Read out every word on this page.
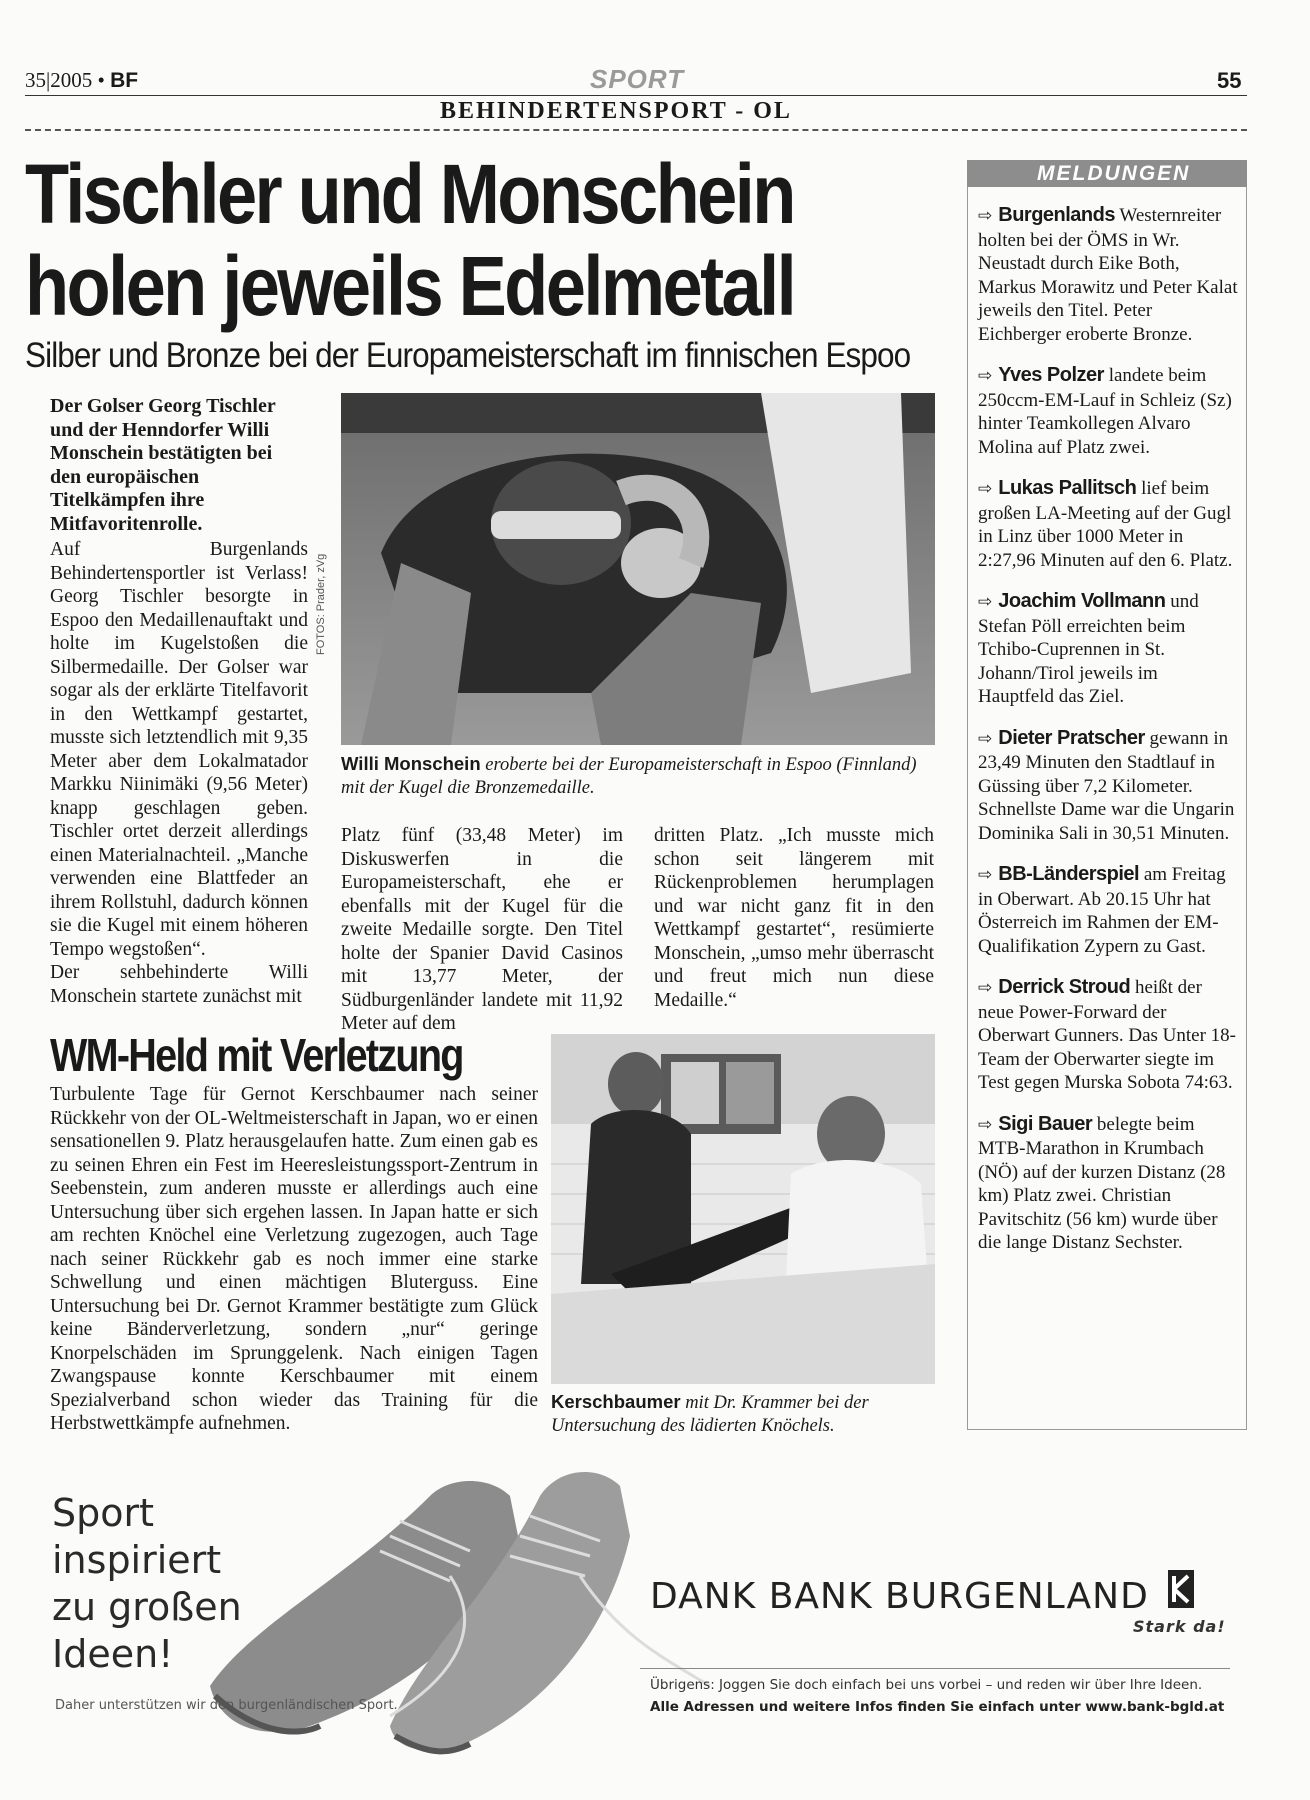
35|2005 • BF	SPORT	55
BEHINDERTENSPORT - OL
Tischler und Monschein
holen jeweils Edelmetall
Silber und Bronze bei der Europameisterschaft im finnischen Espoo
Der Golser Georg Tischler und der Henndorfer Willi Monschein bestätigten bei den europäischen Titelkämpfen ihre Mitfavoritenrolle.

Auf Burgenlands Behindertensportler ist Verlass! Georg Tischler besorgte in Espoo den Medaillenauftakt und holte im Kugelstoßen die Silbermedaille. Der Golser war sogar als der erklärte Titelfavorit in den Wettkampf gestartet, musste sich letztendlich mit 9,35 Meter aber dem Lokalmatador Markku Niinimäki (9,56 Meter) knapp geschlagen geben. Tischler ortet derzeit allerdings einen Materialnachteil. „Manche verwenden eine Blattfeder an ihrem Rollstuhl, dadurch können sie die Kugel mit einem höheren Tempo wegstoßen“.

Der sehbehinderte Willi Monschein startete zunächst mit

FOTOS: Prader, zVg
Willi Monschein eroberte bei der Europameisterschaft in Espoo (Finnland) mit der Kugel die Bronzemedaille.
Platz fünf (33,48 Meter) im Diskuswerfen in die Europameisterschaft, ehe er ebenfalls mit der Kugel für die zweite Medaille sorgte. Den Titel holte der Spanier David Casinos mit 13,77 Meter, der Südburgenländer landete mit 11,92 Meter auf dem
dritten Platz. „Ich musste mich schon seit längerem mit Rückenproblemen herumplagen und war nicht ganz fit in den Wettkampf gestartet“, resümierte Monschein, „umso mehr überrascht und freut mich nun diese Medaille.“
WM-Held mit Verletzung
Turbulente Tage für Gernot Kerschbaumer nach seiner Rückkehr von der OL-Weltmeisterschaft in Japan, wo er einen sensationellen 9. Platz herausgelaufen hatte. Zum einen gab es zu seinen Ehren ein Fest im Heeresleistungssport-Zentrum in Seebenstein, zum anderen musste er allerdings auch eine Untersuchung über sich ergehen lassen. In Japan hatte er sich am rechten Knöchel eine Verletzung zugezogen, auch Tage nach seiner Rückkehr gab es noch immer eine starke Schwellung und einen mächtigen Bluterguss. Eine Untersuchung bei Dr. Gernot Krammer bestätigte zum Glück keine Bänderverletzung, sondern „nur“ geringe Knorpelschäden im Sprunggelenk. Nach einigen Tagen Zwangspause konnte Kerschbaumer mit einem Spezialverband schon wieder das Training für die Herbstwettkämpfe aufnehmen.
Kerschbaumer mit Dr. Krammer bei der Untersuchung des lädierten Knöchels.
MELDUNGEN
⇨ Burgenlands Westernreiter holten bei der ÖMS in Wr. Neustadt durch Eike Both, Markus Morawitz und Peter Kalat jeweils den Titel. Peter Eichberger eroberte Bronze.
⇨ Yves Polzer landete beim 250ccm-EM-Lauf in Schleiz (Sz) hinter Teamkollegen Alvaro Molina auf Platz zwei.
⇨ Lukas Pallitsch lief beim großen LA-Meeting auf der Gugl in Linz über 1000 Meter in 2:27,96 Minuten auf den 6. Platz.
⇨ Joachim Vollmann und Stefan Pöll erreichten beim Tchibo-Cuprennen in St. Johann/Tirol jeweils im Hauptfeld das Ziel.
⇨ Dieter Pratscher gewann in 23,49 Minuten den Stadtlauf in Güssing über 7,2 Kilometer. Schnellste Dame war die Ungarin Dominika Sali in 30,51 Minuten.
⇨ BB-Länderspiel am Freitag in Oberwart. Ab 20.15 Uhr hat Österreich im Rahmen der EM-Qualifikation Zypern zu Gast.
⇨ Derrick Stroud heißt der neue Power-Forward der Oberwart Gunners. Das Unter 18-Team der Oberwarter siegte im Test gegen Murska Sobota 74:63.
⇨ Sigi Bauer belegte beim MTB-Marathon in Krumbach (NÖ) auf der kurzen Distanz (28 km) Platz zwei. Christian Pavitschitz (56 km) wurde über die lange Distanz Sechster.
Sport
inspiriert
zu großen
Ideen!
Daher unterstützen wir den burgenländischen Sport.
DANK BANK BURGENLAND
Stark da!
Übrigens: Joggen Sie doch einfach bei uns vorbei – und reden wir über Ihre Ideen.
Alle Adressen und weitere Infos finden Sie einfach unter www.bank-bgld.at
